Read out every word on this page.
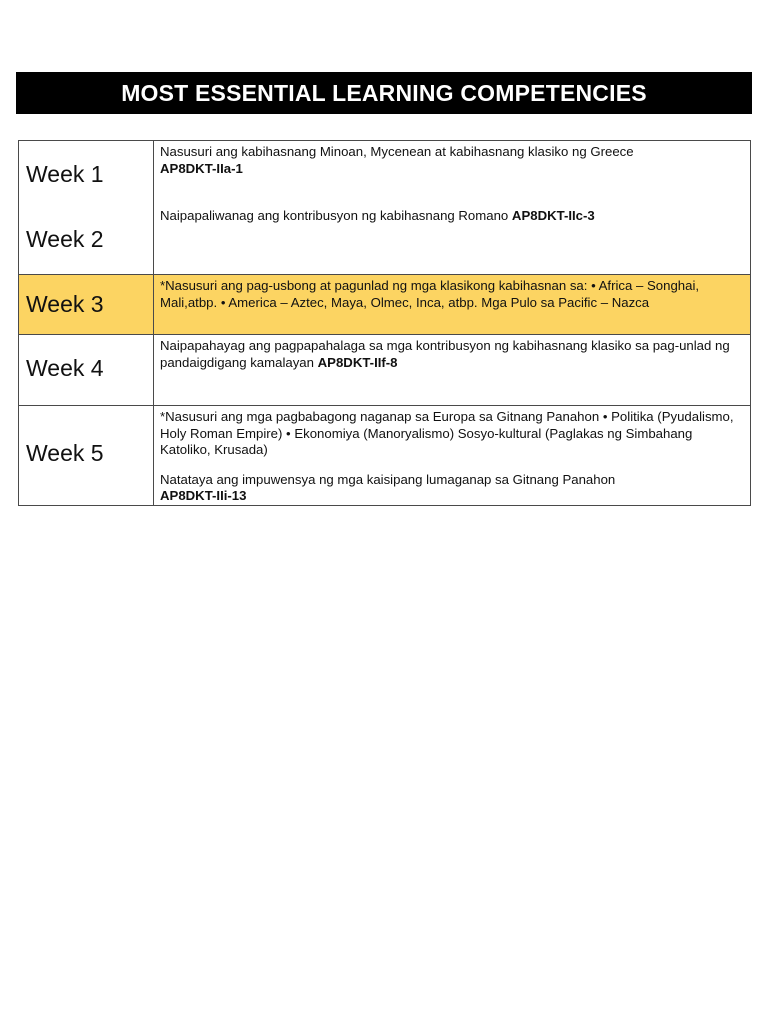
MOST ESSENTIAL LEARNING COMPETENCIES
Week 1	Nasusuri ang kabihasnang Minoan, Mycenean at kabihasnang klasiko ng Greece
AP8DKT-IIa-1

Week 2	Naipapaliwanag ang kontribusyon ng kabihasnang Romano AP8DKT-IIc-3

Week 3	*Nasusuri ang pag-usbong at pagunlad ng mga klasikong kabihasnan sa: • Africa – Songhai, Mali,atbp. • America – Aztec, Maya, Olmec, Inca, atbp. Mga Pulo sa Pacific – Nazca

Week 4	Naipapahayag ang pagpapahalaga sa mga kontribusyon ng kabihasnang klasiko sa pag-unlad ng pandaigdigang kamalayan AP8DKT-IIf-8

Week 5	*Nasusuri ang mga pagbabagong naganap sa Europa sa Gitnang Panahon • Politika (Pyudalismo, Holy Roman Empire) • Ekonomiya (Manoryalismo) Sosyo-kultural (Paglakas ng Simbahang Katoliko, Krusada)
Natataya ang impuwensya ng mga kaisipang lumaganap sa Gitnang Panahon
AP8DKT-IIi-13
